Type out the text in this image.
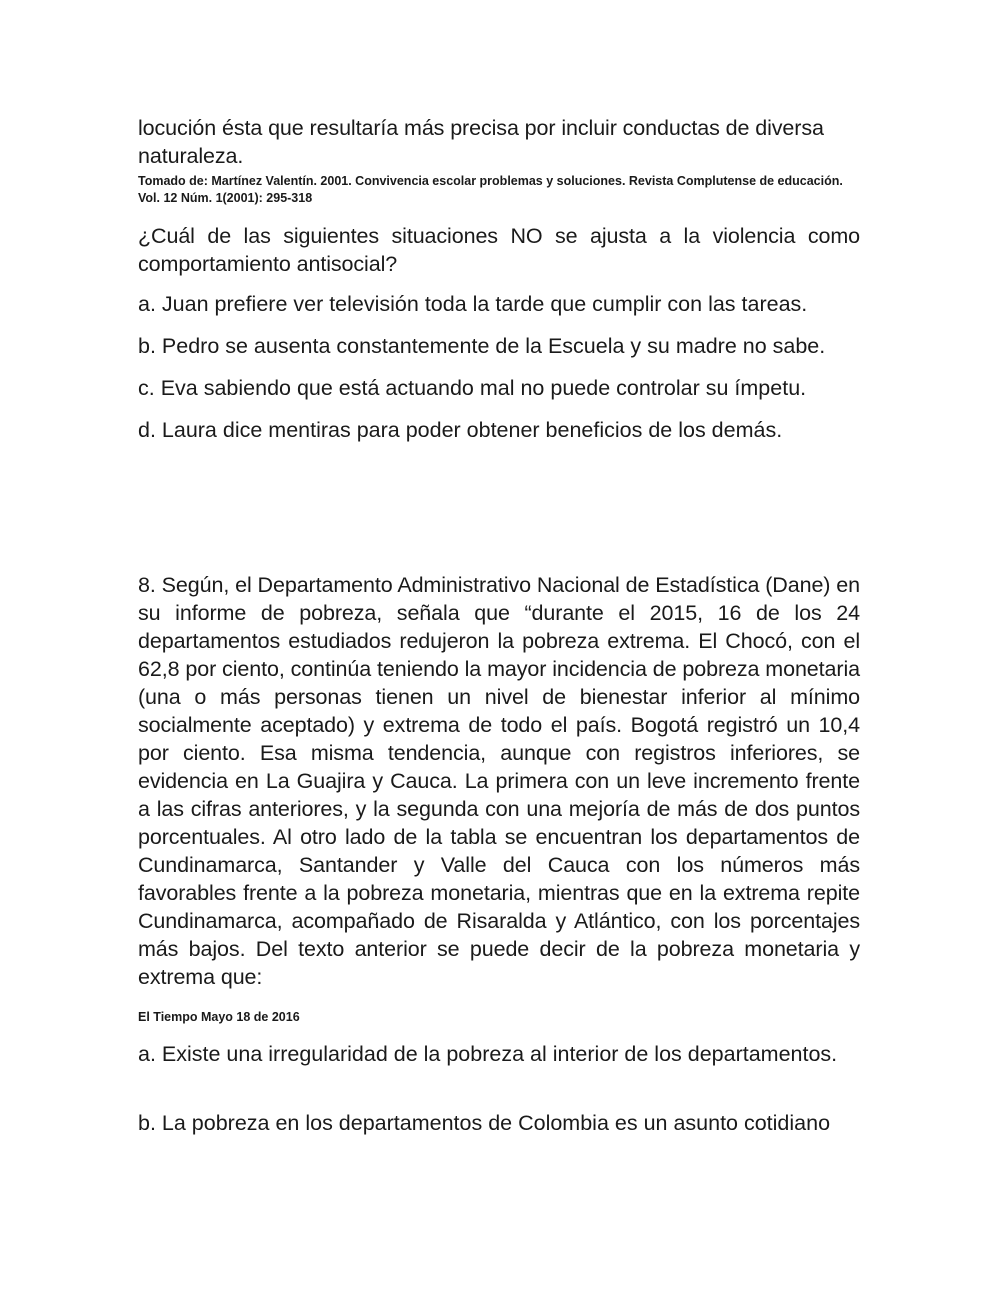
locución ésta que resultaría más precisa por incluir conductas de diversa naturaleza.

Tomado de: Martínez Valentín. 2001. Convivencia escolar problemas y soluciones. Revista Complutense de educación. Vol. 12 Núm. 1(2001): 295-318

¿Cuál de las siguientes situaciones NO se ajusta a la violencia como comportamiento antisocial?

a. Juan prefiere ver televisión toda la tarde que cumplir con las tareas.

b. Pedro se ausenta constantemente de la Escuela y su madre no sabe.

c. Eva sabiendo que está actuando mal no puede controlar su ímpetu.

d. Laura dice mentiras para poder obtener beneficios de los demás.

8. Según, el Departamento Administrativo Nacional de Estadística (Dane) en su informe de pobreza, señala que “durante el 2015, 16 de los 24 departamentos estudiados redujeron la pobreza extrema. El Chocó, con el 62,8 por ciento, continúa teniendo la mayor incidencia de pobreza monetaria (una o más personas tienen un nivel de bienestar inferior al mínimo socialmente aceptado) y extrema de todo el país. Bogotá registró un 10,4 por ciento. Esa misma tendencia, aunque con registros inferiores, se evidencia en La Guajira y Cauca. La primera con un leve incremento frente a las cifras anteriores, y la segunda con una mejoría de más de dos puntos porcentuales. Al otro lado de la tabla se encuentran los departamentos de Cundinamarca, Santander y Valle del Cauca con los números más favorables frente a la pobreza monetaria, mientras que en la extrema repite Cundinamarca, acompañado de Risaralda y Atlántico, con los porcentajes más bajos. Del texto anterior se puede decir de la pobreza monetaria y extrema que:

El Tiempo Mayo 18 de 2016

a. Existe una irregularidad de la pobreza al interior de los departamentos.

b. La pobreza en los departamentos de Colombia es un asunto cotidiano
